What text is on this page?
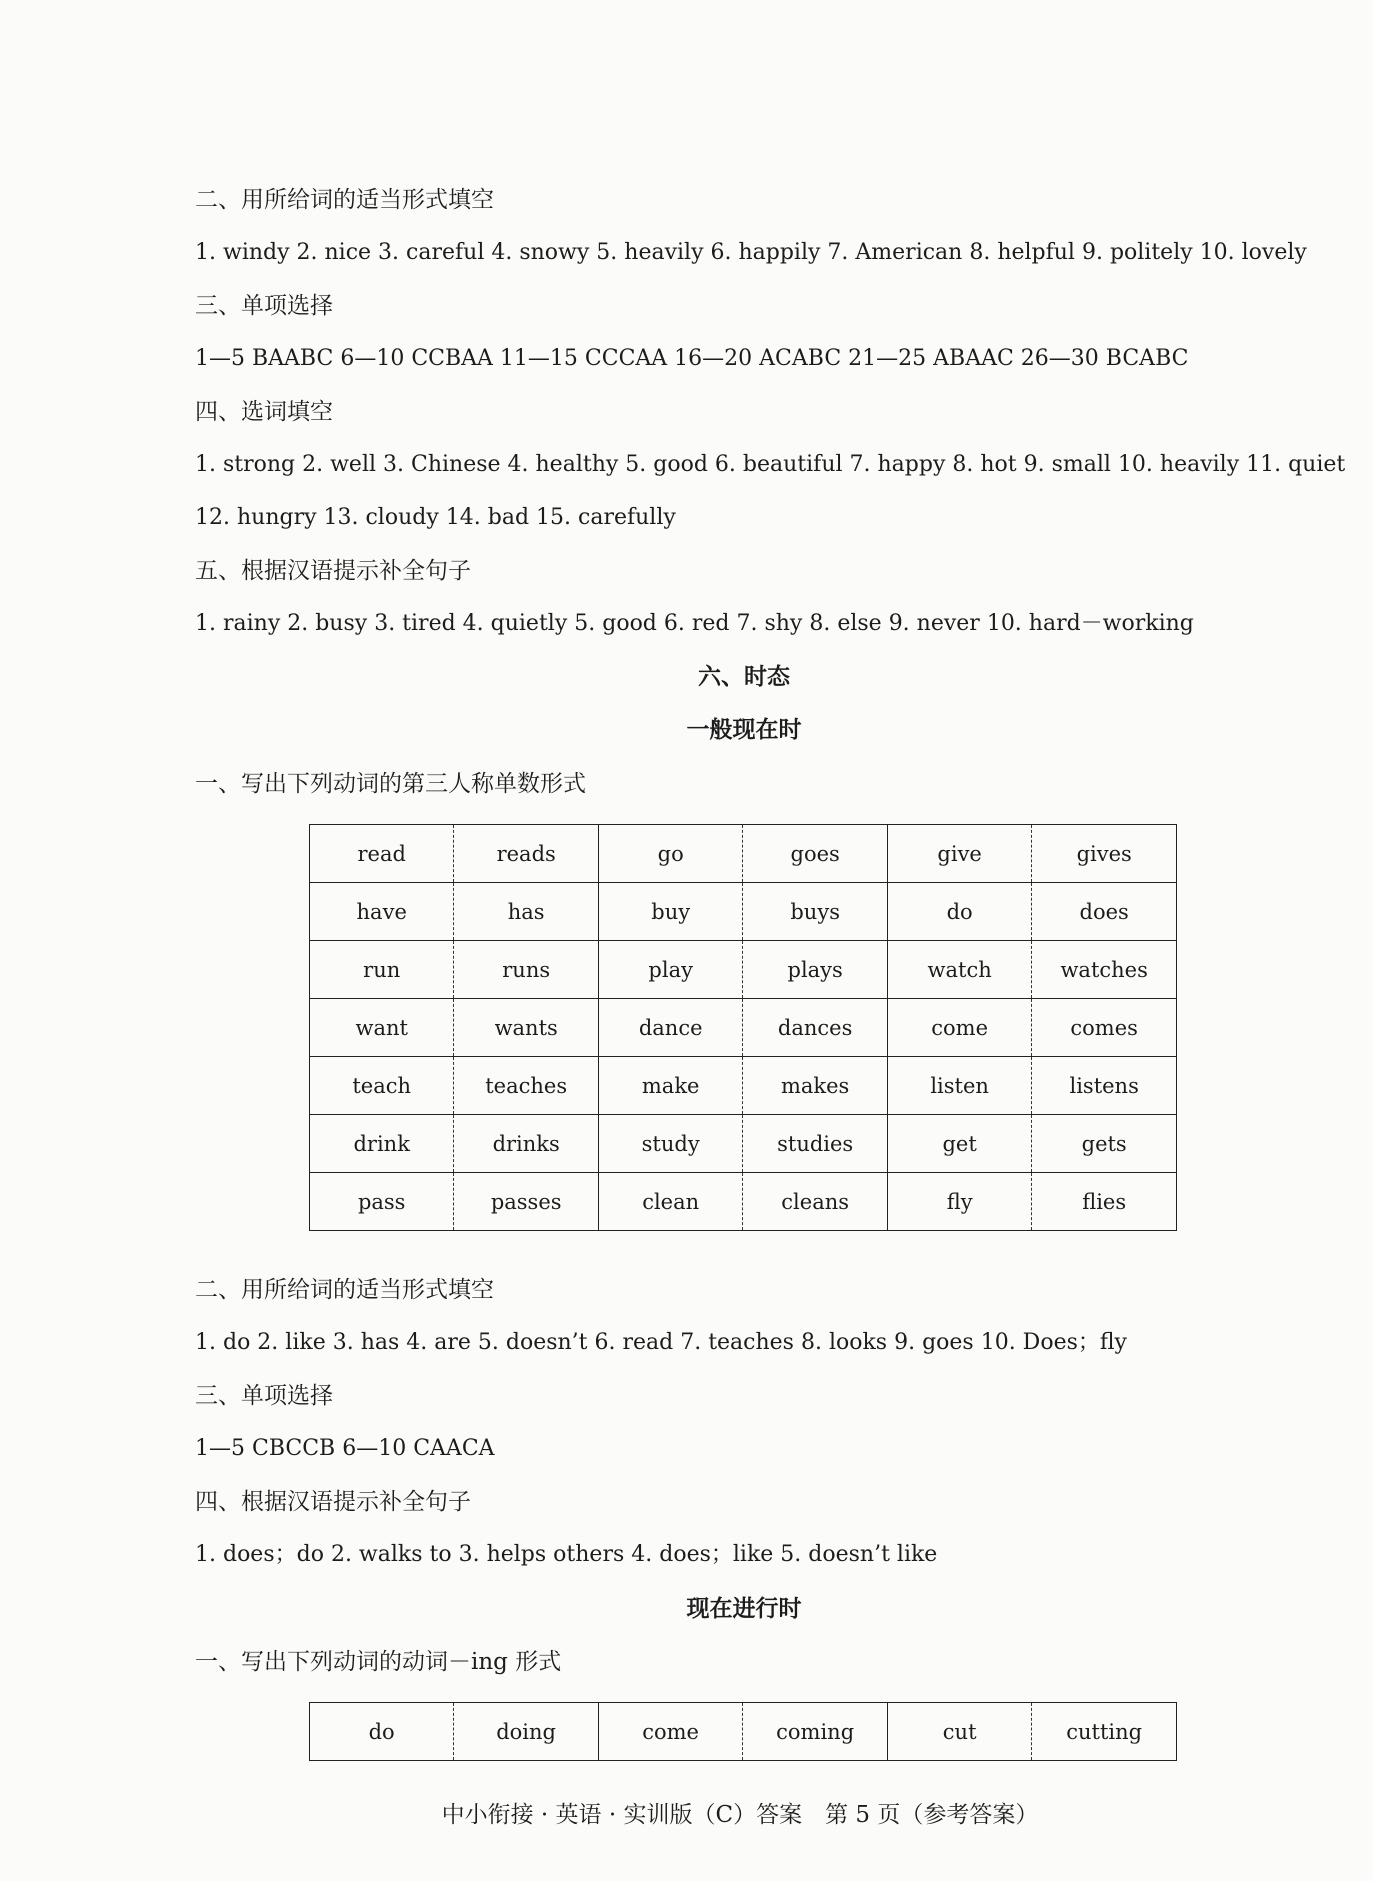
二、用所给词的适当形式填空
1. windy 2. nice 3. careful 4. snowy 5. heavily 6. happily 7. American 8. helpful 9. politely 10. lovely
三、单项选择
1—5 BAABC 6—10 CCBAA 11—15 CCCAA 16—20 ACABC 21—25 ABAAC 26—30 BCABC
四、选词填空
1. strong 2. well 3. Chinese 4. healthy 5. good 6. beautiful 7. happy 8. hot 9. small 10. heavily 11. quiet
12. hungry 13. cloudy 14. bad 15. carefully
五、根据汉语提示补全句子
1. rainy 2. busy 3. tired 4. quietly 5. good 6. red 7. shy 8. else 9. never 10. hard－working
六、时态
一般现在时
一、写出下列动词的第三人称单数形式
read	reads	go	goes	give	gives
have	has	buy	buys	do	does
run	runs	play	plays	watch	watches
want	wants	dance	dances	come	comes
teach	teaches	make	makes	listen	listens
drink	drinks	study	studies	get	gets
pass	passes	clean	cleans	fly	flies
二、用所给词的适当形式填空
1. do 2. like 3. has 4. are 5. doesn’t 6. read 7. teaches 8. looks 9. goes 10. Does；fly
三、单项选择
1—5 CBCCB 6—10 CAACA
四、根据汉语提示补全句子
1. does；do 2. walks to 3. helps others 4. does；like 5. doesn’t like
现在进行时
一、写出下列动词的动词－ing 形式
do	doing	come	coming	cut	cutting
中小衔接 · 英语 · 实训版（C）答案　第 5 页（参考答案）
